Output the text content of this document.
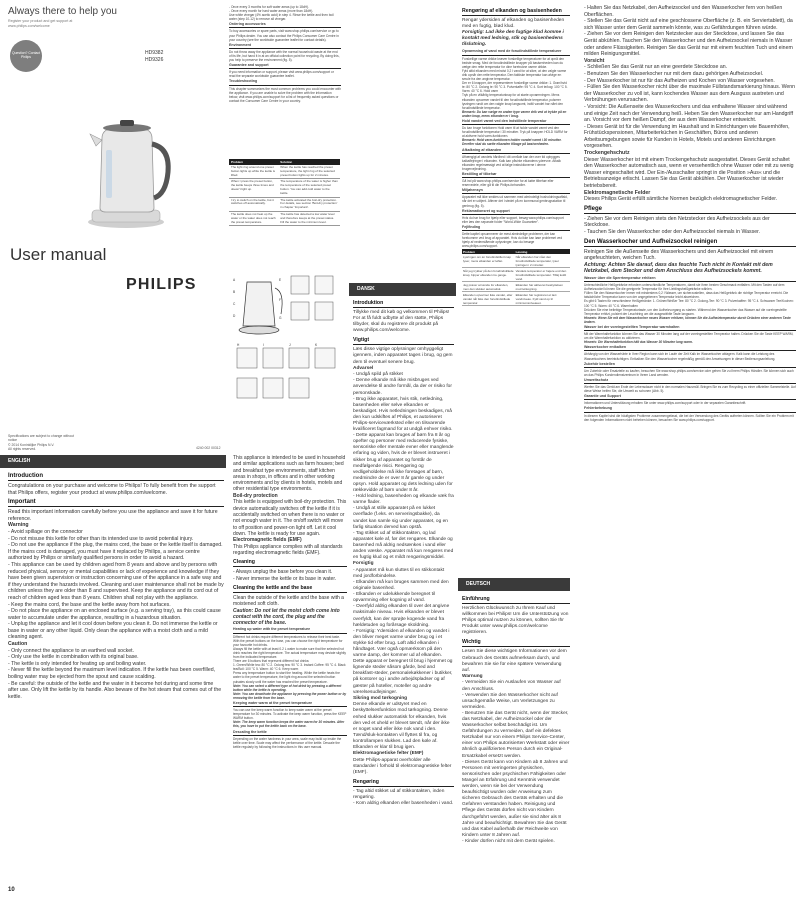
Always there to help you
Register your product and get support at www.philips.com/welcome
Question? Contact Philips
HD9382
HD9326
User manual
PHILIPS
Specifications are subject to change without notice
© 2014 Koninklijke Philips N.V.
All rights reserved.	4240 002 00312
A
B
C
D
E
F
G
H	I	J	K
ENGLISH
Introduction
Congratulations on your purchase and welcome to Philips! To fully benefit from the support that Philips offers, register your product at www.philips.com/welcome.
Important
Read this important information carefully before you use the appliance and save it for future reference.
Warning
- Avoid spillage on the connector
- Do not misuse this kettle for other than its intended use to avoid potential injury.
- Do not use the appliance if the plug, the mains cord, the base or the kettle itself is damaged. If the mains cord is damaged, you must have it replaced by Philips, a service centre authorized by Philips or similarly qualified persons in order to avoid a hazard.
- This appliance can be used by children aged from 8 years and above and by persons with reduced physical, sensory or mental capabilities or lack of experience and knowledge if they have been given supervision or instruction concerning use of the appliance in a safe way and if they understand the hazards involved. Cleaning and user maintenance shall not be made by children unless they are older than 8 and supervised. Keep the appliance and its cord out of reach of children aged less than 8 years. Children shall not play with the appliance.
- Keep the mains cord, the base and the kettle away from hot surfaces.
- Do not place the appliance on an enclosed surface (e.g. a serving tray), as this could cause water to accumulate under the appliance, resulting in a hazardous situation.
- Unplug the appliance and let it cool down before you clean it. Do not immerse the kettle or base in water or any other liquid. Only clean the appliance with a moist cloth and a mild cleaning agent.
Caution
- Only connect the appliance to an earthed wall socket.
- Only use the kettle in combination with its original base.
- The kettle is only intended for heating up and boiling water.
- Never fill the kettle beyond the maximum level indication. If the kettle has been overfilled, boiling water may be ejected from the spout and cause scalding.
- Be careful: the outside of the kettle and the water in it become hot during and some time after use. Only lift the kettle by its handle. Also beware of the hot steam that comes out of the kettle.
This appliance is intended to be used in household and similar applications such as farm houses; bed and breakfast type environments, staff kitchen areas in shops, in offices and in other working environments and by clients in hotels, motels and other residential type environments.
Boil-dry protection
This kettle is equipped with boil-dry protection. This device automatically switches off the kettle if it is accidentally switched on when there is no water or not enough water in it. The on/off switch will move to off position and power-on light off. Let it cool down. The kettle is ready for use again.
Electromagnetic fields (EMF)
This Philips appliance complies with all standards regarding electromagnetic fields (EMF).
Cleaning
- Always unplug the base before you clean it.
- Never immerse the kettle or its base in water.
Cleaning the kettle and the base
Clean the outside of the kettle and the base with a moistened soft cloth.
Caution: Do not let the moist cloth come into contact with the cord, the plug and the connector of the base.
Heating up water with the preset temperature
Different hot drinks require different temperatures to release their best taste. With the preset buttons on the base, you can choose the right temperature for your favourite hot drinks.
Always fill the kettle with at least 0.2 L water to make sure that the selected hot drink reaches the right temperature. The actual temperature may deviate slightly from the indicated temperature.
There are 6 buttons that represent different hot drinks:
1. Green/White tea: 80 °C 2. Oolong tea: 90 °C 3. Instant Coffee: 95 °C 4. Black tea/Boil: 100 °C 5. Warm: 40 °C 6. Keep warm
Press any temperature button to start the heating. While the kettle heats the water to the preset temperature, the light ring around the selected button pulsates slowly until the water has reached the preset temperature.
Note: You can select a different type of hot drink by pressing a different button while the kettle is operating.
Note: You can deactivate the appliance by pressing the power button or by removing the kettle from the base.
Keeping water warm at the preset temperature
You can use the keep warm function to keep water warm at the preset temperature for 30 minutes. To activate the keep warm function, press the KEEP WARM button.
Note: The keep warm function keeps the water warm for 30 minutes. After this, you have to put the kettle back on the base.
Descaling the kettle
Depending on the water hardness in your area, scale may build up inside the kettle over time. Scale may affect the performance of the kettle. Descale the kettle regularly by following the instructions in this user manual.
- Once every 3 months for soft water areas (up to 18dH).
- Once every month for hard water areas (more than 18dH).
Use white vinegar (4% acetic acid) in step 4. Rinse the kettle and then boil water (step 10-12) to remove all vinegar.
Ordering accessories
To buy accessories or spare parts, visit www.shop.philips.com/service or go to your Philips dealer. You can also contact the Philips Consumer Care Centre in your country (see the worldwide guarantee leaflet for contact details).
Environment
Do not throw away the appliance with the normal household waste at the end of its life, but hand it in at an official collection point for recycling. By doing this, you help to preserve the environment (fig. 5).
Guarantee and support
If you need information or support, please visit www.philips.com/support or read the separate worldwide guarantee leaflet.
Troubleshooting
This chapter summarizes the most common problems you could encounter with the appliance. If you are unable to solve the problem with the information below, visit www.philips.com/support for a list of frequently asked questions or contact the Consumer Care Centre in your country.
Problem	Solution
The light ring around one preset button lights up while the kettle is lifted.	When the kettle has reached the preset temperature, the light ring of the selected preset button lights up for 2 minutes.
When I press the preset button, the kettle beeps three times and doesn't light up.	The temperature of the water is higher than the temperature of the selected preset button. You can add cold water to the kettle.
I try to switch on the kettle, but it switches off automatically.	The kettle activated the boil-dry protection. For details, see section 'Boil-dry protection' in chapter 'Important'.
The kettle does not heat up the water or the water does not reach the preset temperature.	The kettle has detected a low water level and therefore keeps at the preset status. Fill the water to the minimum level.
DANSK
Introduktion
Tillykke med dit køb og velkommen til Philips! For at få fuldt udbytte af den støtte, Philips tilbyder, skal du registrere dit produkt på www.philips.com/welcome.
Vigtigt
Læs disse vigtige oplysninger omhyggeligt igennem, inden apparatet tages i brug, og gem dem til eventuel senere brug.
Advarsel
- Undgå spild på stikket
- Denne elkande må ikke misbruges ved anvendelse til andre formål, da der er risiko for personskade.
- Brug ikke apparatet, hvis stik, netledning, basenheden eller selve elkanden er beskadiget. Hvis netledningen beskadiges, må den kun udskiftes af Philips, et autoriseret Philips-serviceværksted eller en tilsvarende kvalificeret fagmand for at undgå enhver risiko.
- Dette apparat kan bruges af børn fra 8 år og opefter og personer med reducerede fysiske, sensoriske eller mentale evner eller manglende erfaring og viden, hvis de er blevet instrueret i sikker brug af apparatet og forstår de medfølgende risici. Rengøring og vedligeholdelse må ikke foretages af børn, medmindre de er over 8 år gamle og under opsyn. Hold apparatet og dets ledning uden for rækkevidde af børn under 8 år.
- Hold ledning, basenheden og elkande væk fra varme flader.
- Undgå at stille apparatet på en lukket overflade (f.eks. en serveringsbakke), da vandet kan samle sig under apparatet, og en farlig situation derved kan opstå.
- Tag stikket ud af stikkontakten, og lad apparatet køle af, før det rengøres. Elkande og basenhed må aldrig nedsænkes i vand eller anden væske. Apparatet må kun rengøres med en fugtig klud og et mildt rengøringsmiddel.
Forsigtig
- Apparatet må kun sluttes til en stikkontakt med jordforbindelse.
- Elkanden må kun bruges sammen med den originale basenhed.
- Elkanden er udelukkende beregnet til opvarmning eller kogning af vand.
- Overfyld aldrig elkanden til over det angivne maksimale niveau. Hvis elkanden er blevet overfyldt, kan der sprøjte kogende vand fra hældetuden og forårsage skoldning.
- Forsigtig: Ydersiden af elkanden og vandet i den bliver meget varme under brug og i et stykke tid efter brug. Løft altid elkanden i håndtaget. Vær også opmærksom på den varme damp, der kommer ud af elkanden.
Dette apparat er beregnet til brug i hjemmet og lignende steder såsom gårde, bed and breakfast-steder, personalekøkkener i butikker, på kontorer og i andre arbejdspladser og af gæster på hoteller, moteller og andre værelsesudlejninger.
Sikring mod tørkogning
Denne elkande er udstyret med en beskyttelsesfunktion mod tørkogning. Denne enhed slukker automatisk for elkanden, hvis den ved et uheld er blevet tændt, når der ikke er noget vand eller ikke nok vand i den. Tænd/sluk-kontakten vil flyttes til fra, og kontrollampen slukkes. Lad den køle af. Elkanden er klar til brug igen.
Elektromagnetiske felter (EMF)
Dette Philips-apparat overholder alle standarder i forhold til elektromagnetiske felter (EMF).
Rengøring
- Tag altid stikket ud af stikkontakten, inden rengøring.
- Kom aldrig elkanden eller basenheden i vand.
Rengøring af elkanden og basisenheden
Rengør ydersiden af elkanden og basisenheden med en fugtig, blød klud.
Forsigtig: Lad ikke den fugtige klud komme i kontakt med ledning, stik og basisenhedens tilslutning.
Opvarmning af vand med de forudindstillede temperaturer
Forskellige varme drikke kræver forskellige temperaturer for at opnå den bedste smag. Med de forudindstillede knapper på basisenheden kan du vælge den rette temperatur for dine foretrukne varme drikke.
Fyld altid elkanden med mindst 0,2 l vand for at sikre, at den valgte varme drik opnår den rette temperatur. Den faktiske temperatur kan afvige en smule fra den angivne temperatur.
Der er 6 knapper, der repræsenterer forskellige varme drikke: 1. Grøn/hvid te: 80 °C 2. Oolong te: 90 °C 3. Pulverkaffe: 95 °C 4. Sort te/kog: 100 °C 5. Varm: 40 °C 6. Hold varm
Tryk på en vilkårlig temperaturknap for at starte opvarmningen. Mens elkanden opvarmer vandet til den forudindstillede temperatur, pulserer lysringen rundt om den valgte knap langsomt, indtil vandet har nået den forudindstillede temperatur.
Bemærk: Du kan vælge en anden type varme drik ved at trykke på en anden knap, mens elkanden er i brug.
Hold vandet varmt ved den indstillede temperatur
Du kan bruge funktionen Hold varm til at holde vandet varmt ved den forudindstillede temperatur i 30 minutter. Tryk på knappen HOLD VARM for at aktivere hold varm-funktionen.
Bemærk: Hold varm-funktionen holder vandet varmt i 30 minutter. Derefter skal du sætte elkanden tilbage på basisenheden.
Afkalkning af elkanden
Afhængigt af vandets hårdhed i dit område kan der over tid opbygges kalkaflejringer i elkanden. Kalk kan påvirke elkandens ydeevne. Afkalk elkanden regelmæssigt ved at følge instruktionerne i denne brugervejledning.
Bestilling af tilbehør
Gå ind på www.shop.philips.com/service for at købe tilbehør eller reservedele, eller gå til din Philips-forhandler.
Miljøhensyn
Apparatet må ikke smides ud sammen med almindeligt husholdningsaffald, når det er udtjent. Aflever det i stedet på en kommunal genbrugsstation til genbrug (fig. 5).
Reklamationsret og support
Hvis du har brug for hjælp eller support, besøg www.philips.com/support eller læs den separate folder "World-Wide Guarantee".
Fejlfinding
Dette kapitel opsummerer de mest almindelige problemer, der kan forekomme ved brug af apparatet. Hvis du ikke kan løse problemet ved hjælp af nedenstående oplysninger, kan du besøge www.philips.com/support.
Problem	Løsning
Lysringen om én forudindstillet knap lyser, mens elkanden er løftet.	Når elkanden har nået den forudindstillede temperatur, lyser lysringen i 2 minutter.
Når jeg trykker på den forudindstillede knap, bipper elkanden tre gange.	Vandets temperatur er højere end den forudindstillede temperatur. Tilføj koldt vand.
Jeg prøver at tænde for elkanden, men den slukker automatisk.	Elkanden har aktiveret beskyttelsen mod tørkogning.
Elkanden opvarmer ikke vandet, eller vandet når ikke den forudindstillede temperatur.	Elkanden har registreret et lavt vandniveau. Fyld vand op til minimumsniveauet.
DEUTSCH
Einführung
Herzlichen Glückwunsch zu Ihrem Kauf und willkommen bei Philips! Um die Unterstützung von Philips optimal nutzen zu können, sollten Sie Ihr Produkt unter www.philips.com/welcome registrieren.
Wichtig
Lesen Sie diese wichtigen Informationen vor dem Gebrauch des Geräts aufmerksam durch, und bewahren Sie sie für eine spätere Verwendung auf.
Warnung
- Vermeiden Sie ein Auslaufen von Wasser auf den Anschluss.
- Verwenden Sie den Wasserkocher nicht auf unsachgemäße Weise, um Verletzungen zu vermeiden.
- Benutzen Sie das Gerät nicht, wenn der Stecker, das Netzkabel, der Aufheizsockel oder der Wasserkocher selbst beschädigt ist. Um Gefährdungen zu vermeiden, darf ein defektes Netzkabel nur von einem Philips Service-Center, einer von Philips autorisierten Werkstatt oder einer ähnlich qualifizierten Person durch ein Original-Ersatzkabel ersetzt werden.
- Dieses Gerät kann von Kindern ab 8 Jahren und Personen mit verringerten physischen, sensorischen oder psychischen Fähigkeiten oder Mangel an Erfahrung und Kenntnis verwendet werden, wenn sie bei der Verwendung beaufsichtigt wurden oder Anweisung zum sicheren Gebrauch des Geräts erhalten und die Gefahren verstanden haben. Reinigung und Pflege des Geräts dürfen nicht von Kindern durchgeführt werden, außer sie sind älter als 8 Jahre und beaufsichtigt. Bewahren Sie das Gerät und das Kabel außerhalb der Reichweite von Kindern unter 8 Jahren auf.
- Kinder dürfen nicht mit dem Gerät spielen.
- Halten Sie das Netzkabel, den Aufheizsockel und den Wasserkocher fern von heißen Oberflächen.
- Stellen Sie das Gerät nicht auf eine geschlossene Oberfläche (z. B. ein Serviertablett), da sich Wasser unter dem Gerät sammeln könnte, was zu Gefährdungen führen würde.
- Ziehen Sie vor dem Reinigen den Netzstecker aus der Steckdose, und lassen Sie das Gerät abkühlen. Tauchen Sie den Wasserkocher und den Aufheizsockel niemals in Wasser oder andere Flüssigkeiten. Reinigen Sie das Gerät nur mit einem feuchten Tuch und einem milden Reinigungsmittel.
Vorsicht
- Schließen Sie das Gerät nur an eine geerdete Steckdose an.
- Benutzen Sie den Wasserkocher nur mit dem dazu gehörigen Aufheizsockel.
- Der Wasserkocher ist nur für das Aufheizen und Kochen von Wasser vorgesehen.
- Füllen Sie den Wasserkocher nicht über die maximale Füllstandsmarkierung hinaus. Wenn der Wasserkocher zu voll ist, kann kochendes Wasser aus dem Ausguss austreten und Verbrühungen verursachen.
- Vorsicht: Die Außenseite des Wasserkochers und das enthaltene Wasser sind während und einige Zeit nach der Verwendung heiß. Heben Sie den Wasserkocher nur am Handgriff an. Vorsicht vor dem heißen Dampf, der aus dem Wasserkocher entweicht.
- Dieses Gerät ist für die Verwendung im Haushalt und in Einrichtungen wie Bauernhöfen, Frühstückspensionen, Mitarbeiterküchen in Geschäften, Büros und anderen Arbeitsumgebungen sowie für Kunden in Hotels, Motels und anderen Einrichtungen vorgesehen.
Trockengehschutz
Dieser Wasserkocher ist mit einem Trockengehschutz ausgestattet. Dieses Gerät schaltet den Wasserkocher automatisch aus, wenn er versehentlich ohne Wasser oder mit zu wenig Wasser eingeschaltet wird. Der Ein-/Ausschalter springt in die Position »Aus« und die Betriebsanzeige erlischt. Lassen Sie das Gerät abkühlen. Der Wasserkocher ist wieder betriebsbereit.
Elektromagnetische Felder
Dieses Philips Gerät erfüllt sämtliche Normen bezüglich elektromagnetischer Felder.
Pflege
- Ziehen Sie vor dem Reinigen stets den Netzstecker des Aufheizsockels aus der Steckdose.
- Tauchen Sie den Wasserkocher oder den Aufheizsockel niemals in Wasser.
Den Wasserkocher und Aufheizsockel reinigen
Reinigen Sie die Außenseite des Wasserkochers und den Aufheizsockel mit einem angefeuchteten, weichen Tuch.
Achtung: Achten Sie darauf, dass das feuchte Tuch nicht in Kontakt mit dem Netzkabel, dem Stecker und dem Anschluss des Aufheizsockels kommt.
Wasser über die Sperrtemperatur erhitzen
Unterschiedliche Heißgetränke erfordern unterschiedliche Temperaturen, damit sie ihren besten Geschmack entfalten. Mit den Tasten auf dem Aufheizsockel können Sie die geeignete Temperatur für Ihre Lieblingsheißgetränke wählen.
Füllen Sie den Wasserkocher immer mit mindestens 0,2 l Wasser, um sicherzustellen, dass das Heißgetränk die richtige Temperatur erreicht. Die tatsächliche Temperatur kann von der angegebenen Temperatur leicht abweichen.
Es gibt 6 Tasten für verschiedene Heißgetränke: 1. Grüner/Weißer Tee: 80 °C 2. Oolong-Tee: 90 °C 3. Pulverkaffee: 95 °C 4. Schwarzer Tee/Kochen: 100 °C 5. Warm: 40 °C 6. Warmhalten
Drücken Sie eine beliebige Temperaturtaste, um den Aufheizvorgang zu starten. Während der Wasserkocher das Wasser auf die voreingestellte Temperatur erhitzt, pulsiert der Leuchtring um die ausgewählte Taste langsam.
Hinweis: Wenn Sie mit dem Wasserkocher neues Wasser erhitzen, können Sie die Aufheiztemperatur durch Drücken einer anderen Taste ändern.
Wasser bei der voreingestellten Temperatur warmhalten
Mit der Warmhaltefunktion können Sie das Wasser 30 Minuten lang auf der voreingestellten Temperatur halten. Drücken Sie die Taste KEEP WARM, um die Warmhaltefunktion zu aktivieren.
Hinweis: Die Warmhaltefunktion hält das Wasser 30 Minuten lang warm.
Wasserkocher entkalken
Abhängig von der Wasserhärte in Ihrer Region kann sich im Laufe der Zeit Kalk im Wasserkocher ablagern. Kalk kann die Leistung des Wasserkochers beeinträchtigen. Entkalken Sie den Wasserkocher regelmäßig gemäß den Anweisungen in dieser Bedienungsanleitung.
Zubehör bestellen
Um Zubehör oder Ersatzteile zu kaufen, besuchen Sie www.shop.philips.com/service oder gehen Sie zu Ihrem Philips Händler. Sie können sich auch an das Philips Kundendienstzentrum in Ihrem Land wenden.
Umweltschutz
Werfen Sie das Gerät am Ende der Lebensdauer nicht in den normalen Hausmüll. Bringen Sie es zum Recycling zu einer offiziellen Sammelstelle. Auf diese Weise helfen Sie, die Umwelt zu schonen (Abb. 5).
Garantie und Support
Informationen und Unterstützung erhalten Sie unter www.philips.com/support oder in der separaten Garantieschrift.
Fehlerbehebung
In diesem Kapitel sind die häufigsten Probleme zusammengefasst, die bei der Verwendung des Geräts auftreten können. Sollten Sie ein Problem mit den folgenden Informationen nicht beheben können, besuchen Sie www.philips.com/support.
10
